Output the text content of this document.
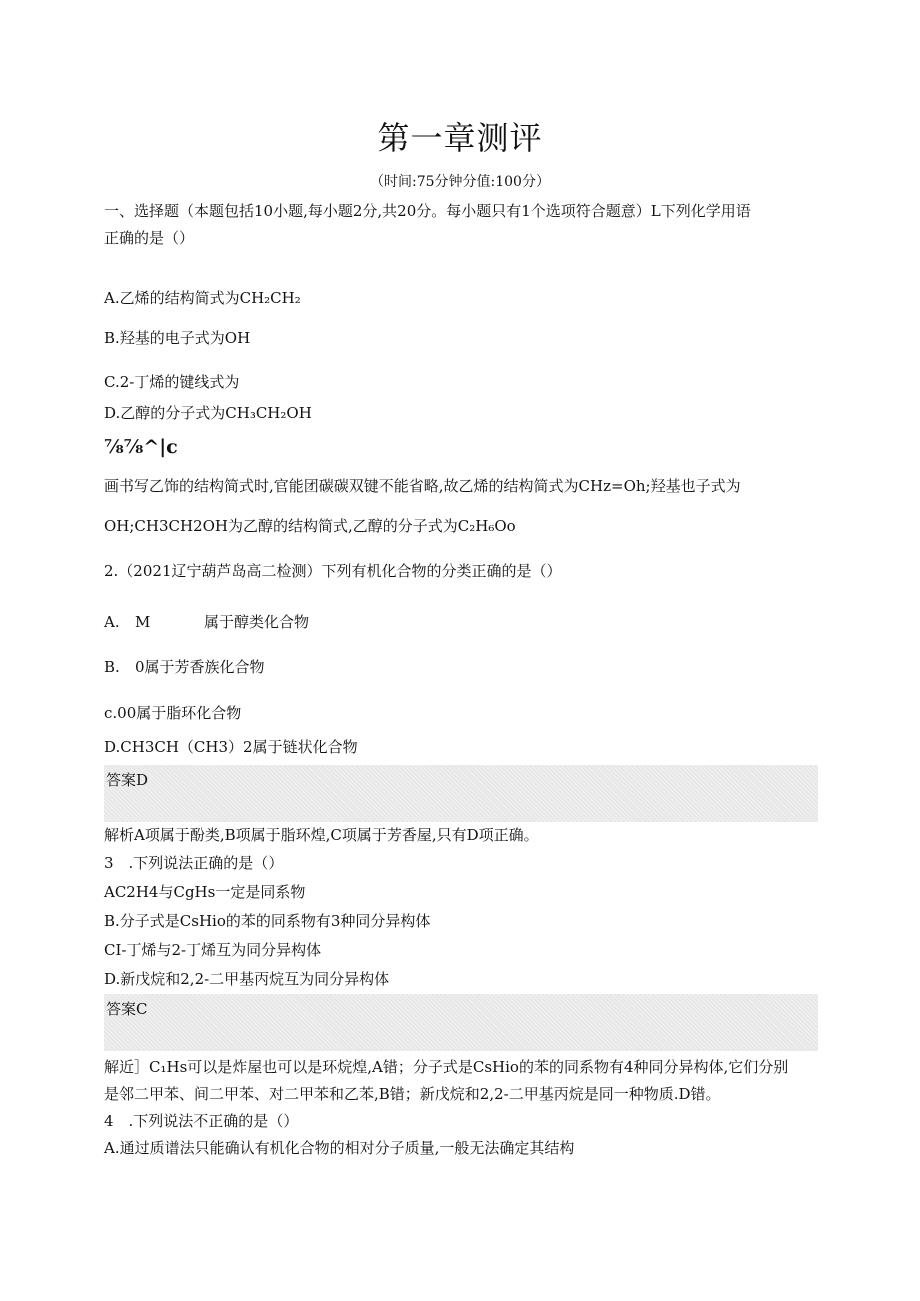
第一章测评
（时间:75分钟分值:100分）
一、选择题（本题包括10小题,每小题2分,共20分。每小题只有1个选项符合题意）L下列化学用语
正确的是（）
A.乙烯的结构简式为CH₂CH₂
B.羟基的电子式为OH
C.2-丁烯的键线式为
D.乙醇的分子式为CH₃CH₂OH
⅞⅞^|c
画书写乙饰的结构简式时,官能团碳碳双键不能省略,故乙烯的结构简式为CHz=Oh;羟基也子式为
OH;CH3CH2OH为乙醇的结构简式,乙醇的分子式为C₂H₆Oo
2.（2021辽宁葫芦岛高二检测）下列有机化合物的分类正确的是（）
A. M	属于醇类化合物
B. 0属于芳香族化合物
c.00属于脂环化合物
D.CH3CH（CH3）2属于链状化合物
答案D
解析A项属于酚类,B项属于脂环煌,C项属于芳香屋,只有D项正确。
3　.下列说法正确的是（）
AC2H4与CgHs一定是同系物
B.分子式是CsHio的苯的同系物有3种同分异构体
CI-丁烯与2-丁烯互为同分异构体
D.新戊烷和2,2-二甲基丙烷互为同分异构体
答案C
解近］C₁Hs可以是炸屋也可以是环烷煌,A错；分子式是CsHio的苯的同系物有4种同分异构体,它们分别
是邻二甲苯、间二甲苯、对二甲苯和乙苯,B错；新戊烷和2,2-二甲基丙烷是同一种物质.D错。
4　.下列说法不正确的是（）
A.通过质谱法只能确认有机化合物的相对分子质量,一般无法确定其结构
